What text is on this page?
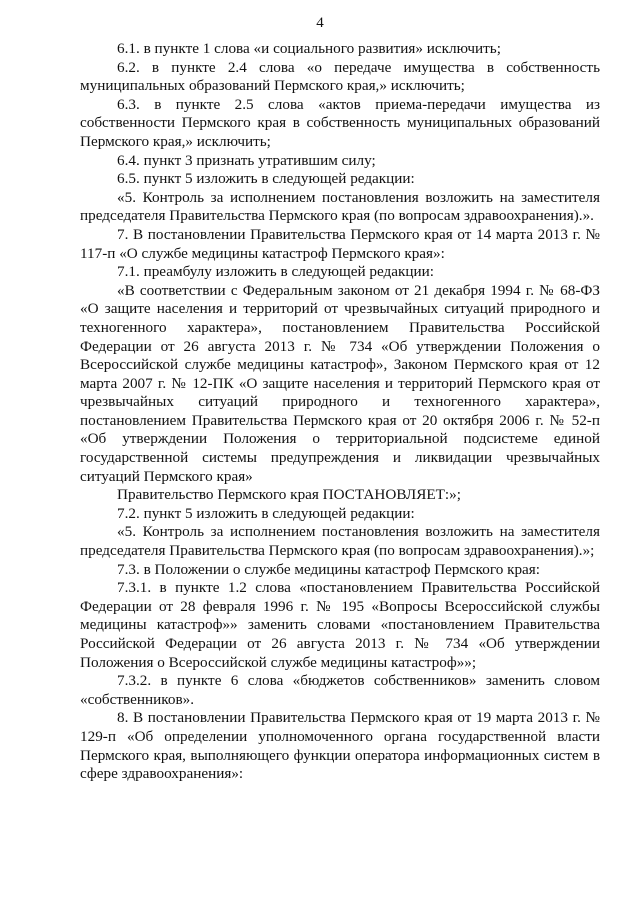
4

6.1. в пункте 1 слова «и социального развития» исключить;

6.2. в пункте 2.4 слова «о передаче имущества в собственность муниципальных образований Пермского края,» исключить;

6.3. в пункте 2.5 слова «актов приема-передачи имущества из собственности Пермского края в собственность муниципальных образований Пермского края,» исключить;

6.4. пункт 3 признать утратившим силу;

6.5. пункт 5 изложить в следующей редакции:

«5. Контроль за исполнением постановления возложить на заместителя председателя Правительства Пермского края (по вопросам здравоохранения).».

7. В постановлении Правительства Пермского края от 14 марта 2013 г. № 117-п «О службе медицины катастроф Пермского края»:

7.1. преамбулу изложить в следующей редакции:

«В соответствии с Федеральным законом от 21 декабря 1994 г. № 68-ФЗ «О защите населения и территорий от чрезвычайных ситуаций природного и техногенного характера», постановлением Правительства Российской Федерации от 26 августа 2013 г. № 734 «Об утверждении Положения о Всероссийской службе медицины катастроф», Законом Пермского края от 12 марта 2007 г. № 12-ПК «О защите населения и территорий Пермского края от чрезвычайных ситуаций природного и техногенного характера», постановлением Правительства Пермского края от 20 октября 2006 г. № 52-п «Об утверждении Положения о территориальной подсистеме единой государственной системы предупреждения и ликвидации чрезвычайных ситуаций Пермского края»

Правительство Пермского края ПОСТАНОВЛЯЕТ:»;

7.2. пункт 5 изложить в следующей редакции:

«5. Контроль за исполнением постановления возложить на заместителя председателя Правительства Пермского края (по вопросам здравоохранения).»;

7.3. в Положении о службе медицины катастроф Пермского края:

7.3.1. в пункте 1.2 слова «постановлением Правительства Российской Федерации от 28 февраля 1996 г. № 195 «Вопросы Всероссийской службы медицины катастроф»» заменить словами «постановлением Правительства Российской Федерации от 26 августа 2013 г. № 734 «Об утверждении Положения о Всероссийской службе медицины катастроф»»;

7.3.2. в пункте 6 слова «бюджетов собственников» заменить словом «собственников».

8. В постановлении Правительства Пермского края от 19 марта 2013 г. № 129-п «Об определении уполномоченного органа государственной власти Пермского края, выполняющего функции оператора информационных систем в сфере здравоохранения»:
